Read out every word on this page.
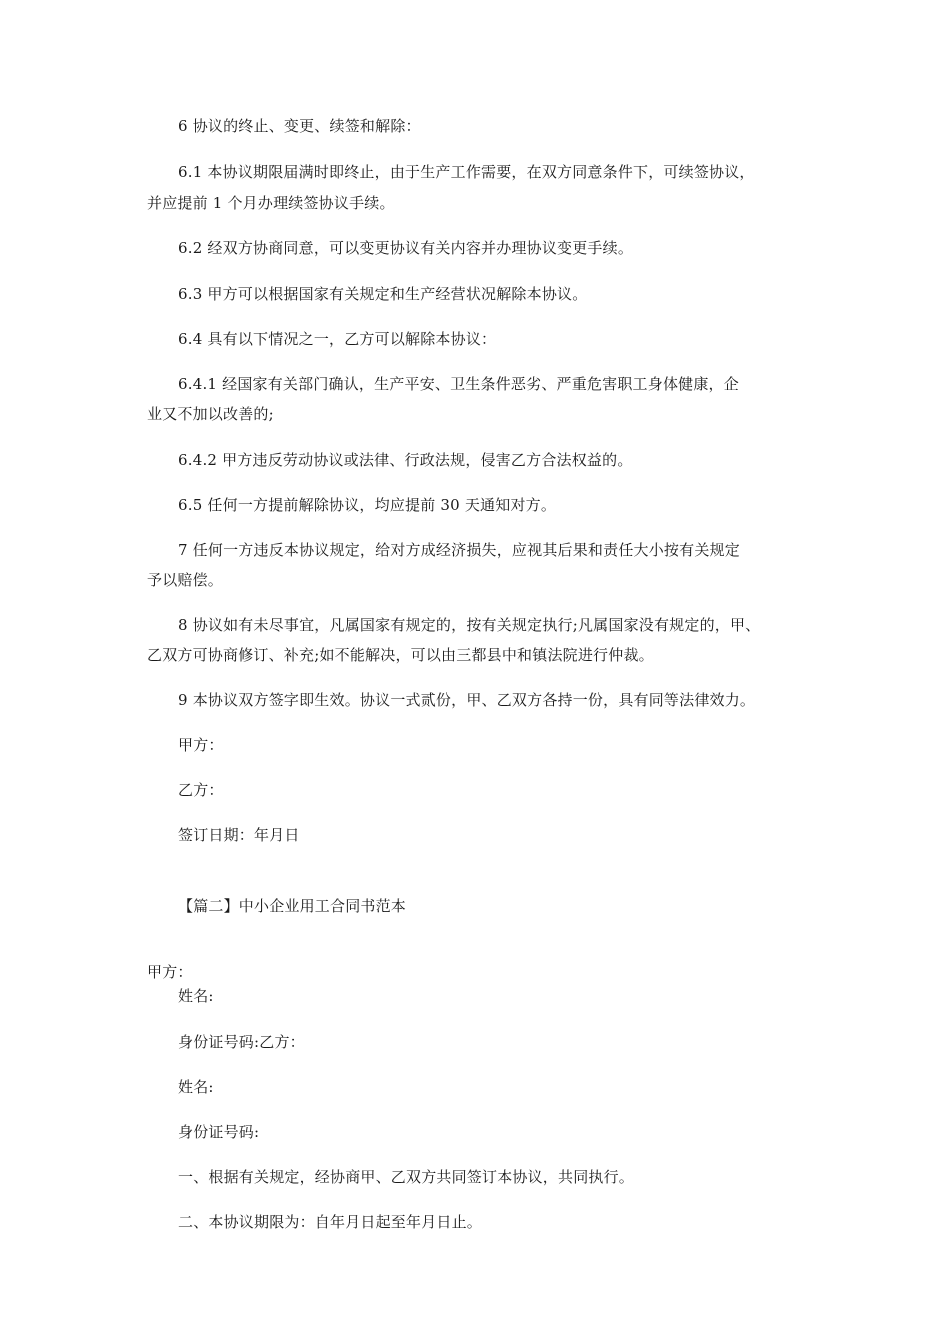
6 协议的终止、变更、续签和解除：
6.1 本协议期限届满时即终止，由于生产工作需要，在双方同意条件下，可续签协议，
并应提前 1 个月办理续签协议手续。
6.2 经双方协商同意，可以变更协议有关内容并办理协议变更手续。
6.3 甲方可以根据国家有关规定和生产经营状况解除本协议。
6.4 具有以下情况之一，乙方可以解除本协议：
6.4.1 经国家有关部门确认，生产平安、卫生条件恶劣、严重危害职工身体健康，企
业又不加以改善的;
6.4.2 甲方违反劳动协议或法律、行政法规，侵害乙方合法权益的。
6.5 任何一方提前解除协议，均应提前 30 天通知对方。
7 任何一方违反本协议规定，给对方成经济损失，应视其后果和责任大小按有关规定
予以赔偿。
8 协议如有未尽事宜，凡属国家有规定的，按有关规定执行;凡属国家没有规定的，甲、
乙双方可协商修订、补充;如不能解决，可以由三都县中和镇法院进行仲裁。
9 本协议双方签字即生效。协议一式贰份，甲、乙双方各持一份，具有同等法律效力。
甲方：
乙方：
签订日期：年月日
【篇二】中小企业用工合同书范本
甲方：
姓名:
身份证号码:乙方：
姓名:
身份证号码:
一、根据有关规定，经协商甲、乙双方共同签订本协议，共同执行。
二、本协议期限为：自年月日起至年月日止。
